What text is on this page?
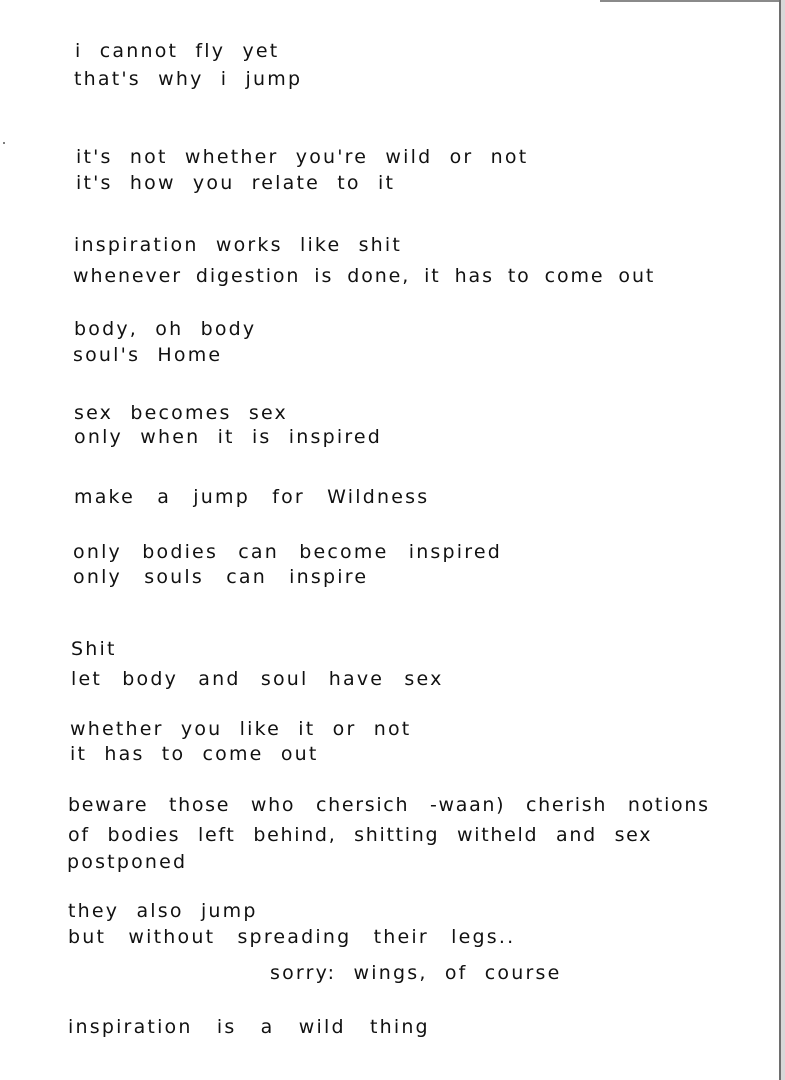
i cannot fly yet
that's why i jump
it's not whether you're wild or not
it's how you relate to it
inspiration works like shit
whenever digestion is done, it has to come out
body, oh body
soul's Home
sex becomes sex
only when it is inspired
make a jump for Wildness
only bodies can become inspired
only souls can inspire
Shit
let body and soul have sex
whether you like it or not
it has to come out
beware those who chersich -waan) cherish notions
of bodies left behind, shitting witheld and sex
postponed
they also jump
but without spreading their legs..
sorry: wings, of course
inspiration is a wild thing
